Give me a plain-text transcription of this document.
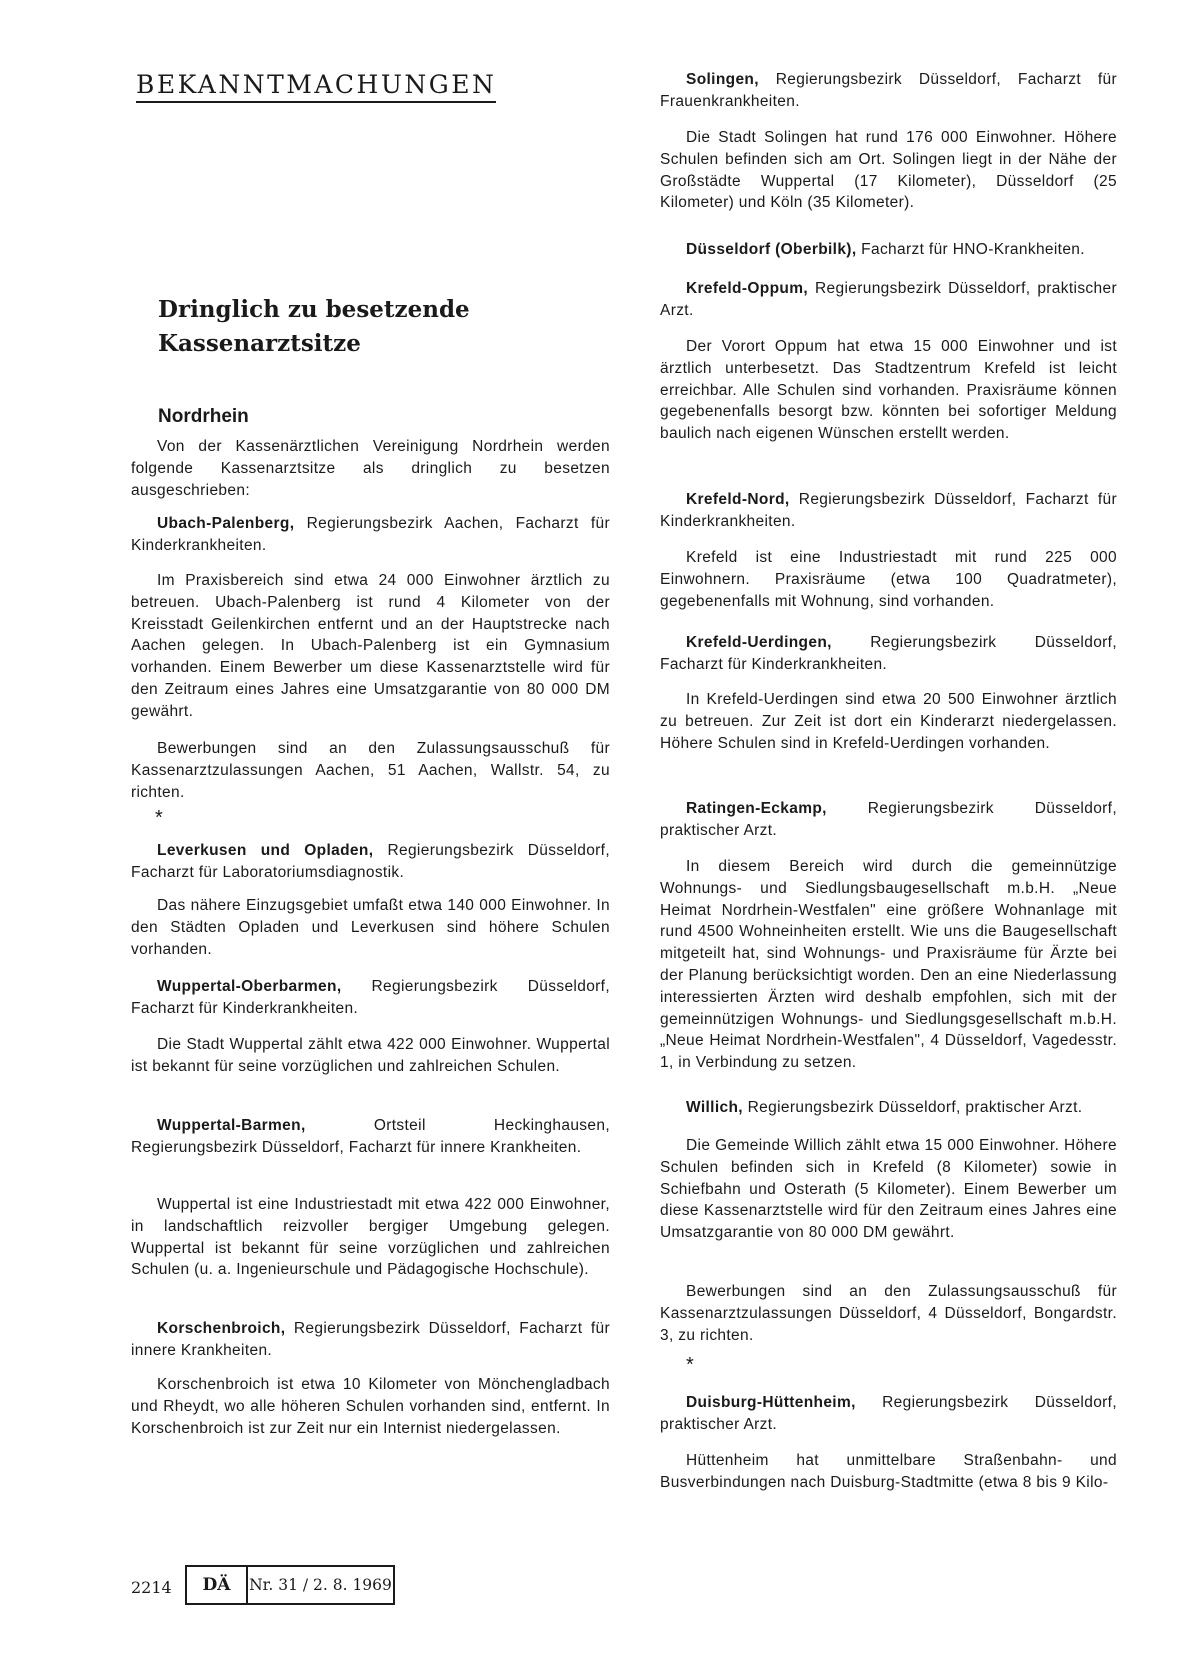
BEKANNTMACHUNGEN
Dringlich zu besetzende Kassenarztsitze
Nordrhein

Von der Kassenärztlichen Vereinigung Nordrhein werden folgende Kassenarztsitze als dringlich zu besetzen ausgeschrieben:

Ubach-Palenberg, Regierungsbezirk Aachen, Facharzt für Kinderkrankheiten.

Im Praxisbereich sind etwa 24 000 Einwohner ärztlich zu betreuen. Ubach-Palenberg ist rund 4 Kilometer von der Kreisstadt Geilenkirchen entfernt und an der Hauptstrecke nach Aachen gelegen. In Ubach-Palenberg ist ein Gymnasium vorhanden. Einem Bewerber um diese Kassenarztstelle wird für den Zeitraum eines Jahres eine Umsatzgarantie von 80 000 DM gewährt.

Bewerbungen sind an den Zulassungsausschuß für Kassenarztzulassungen Aachen, 51 Aachen, Wallstr. 54, zu richten.

*

Leverkusen und Opladen, Regierungsbezirk Düsseldorf, Facharzt für Laboratoriumsdiagnostik.

Das nähere Einzugsgebiet umfaßt etwa 140 000 Einwohner. In den Städten Opladen und Leverkusen sind höhere Schulen vorhanden.

Wuppertal-Oberbarmen, Regierungsbezirk Düsseldorf, Facharzt für Kinderkrankheiten.

Die Stadt Wuppertal zählt etwa 422 000 Einwohner. Wuppertal ist bekannt für seine vorzüglichen und zahlreichen Schulen.

Wuppertal-Barmen,	Ortsteil Heckinghausen, Regierungsbezirk Düsseldorf, Facharzt für innere Krankheiten.

Wuppertal ist eine Industriestadt mit etwa 422 000 Einwohner, in landschaftlich reizvoller bergiger Umgebung gelegen. Wuppertal ist bekannt für seine vorzüglichen und zahlreichen Schulen (u. a. Ingenieurschule und Pädagogische Hochschule).

Korschenbroich, Regierungsbezirk Düsseldorf, Facharzt für innere Krankheiten.

Korschenbroich ist etwa 10 Kilometer von Mönchengladbach und Rheydt, wo alle höheren Schulen vorhanden sind, entfernt. In Korschenbroich ist zur Zeit nur ein Internist niedergelassen.

Solingen, Regierungsbezirk Düsseldorf, Facharzt für Frauenkrankheiten.

Die Stadt Solingen hat rund 176 000 Einwohner. Höhere Schulen befinden sich am Ort. Solingen liegt in der Nähe der Großstädte Wuppertal (17 Kilometer), Düsseldorf (25 Kilometer) und Köln (35 Kilometer).

Düsseldorf (Oberbilk), Facharzt für HNO-Krankheiten.

Krefeld-Oppum, Regierungsbezirk Düsseldorf, praktischer Arzt.

Der Vorort Oppum hat etwa 15 000 Einwohner und ist ärztlich unterbesetzt. Das Stadtzentrum Krefeld ist leicht erreichbar. Alle Schulen sind vorhanden. Praxisräume können gegebenenfalls besorgt bzw. könnten bei sofortiger Meldung baulich nach eigenen Wünschen erstellt werden.

Krefeld-Nord, Regierungsbezirk Düsseldorf, Facharzt für Kinderkrankheiten.

Krefeld ist eine Industriestadt mit rund 225 000 Einwohnern. Praxisräume (etwa 100 Quadratmeter), gegebenenfalls mit Wohnung, sind vorhanden.

Krefeld-Uerdingen, Regierungsbezirk Düsseldorf, Facharzt für Kinderkrankheiten.

In Krefeld-Uerdingen sind etwa 20 500 Einwohner ärztlich zu betreuen. Zur Zeit ist dort ein Kinderarzt niedergelassen. Höhere Schulen sind in Krefeld-Uerdingen vorhanden.

Ratingen-Eckamp,	Regierungsbezirk Düsseldorf, praktischer Arzt.

In diesem Bereich wird durch die gemeinnützige Wohnungs- und Siedlungsbaugesellschaft m.b.H. „Neue Heimat Nordrhein-Westfalen" eine größere Wohnanlage mit rund 4500 Wohneinheiten erstellt. Wie uns die Baugesellschaft mitgeteilt hat, sind Wohnungs- und Praxisräume für Ärzte bei der Planung berücksichtigt worden. Den an eine Niederlassung interessierten Ärzten wird deshalb empfohlen, sich mit der gemeinnützigen Wohnungs- und Siedlungsgesellschaft m.b.H. „Neue Heimat Nordrhein-Westfalen", 4 Düsseldorf, Vagedesstr. 1, in Verbindung zu setzen.

Willich, Regierungsbezirk Düsseldorf, praktischer Arzt.

Die Gemeinde Willich zählt etwa 15 000 Einwohner. Höhere Schulen befinden sich in Krefeld (8 Kilometer) sowie in Schiefbahn und Osterath (5 Kilometer). Einem Bewerber um diese Kassenarztstelle wird für den Zeitraum eines Jahres eine Umsatzgarantie von 80 000 DM gewährt.

Bewerbungen sind an den Zulassungsausschuß für Kassenarztzulassungen Düsseldorf, 4 Düsseldorf, Bongardstr. 3, zu richten.

*

Duisburg-Hüttenheim, Regierungsbezirk Düsseldorf, praktischer Arzt.

Hüttenheim hat unmittelbare Straßenbahn- und Busverbindungen nach Duisburg-Stadtmitte (etwa 8 bis 9 Kilo-

2214	DÄ	Nr. 31 / 2. 8. 1969
